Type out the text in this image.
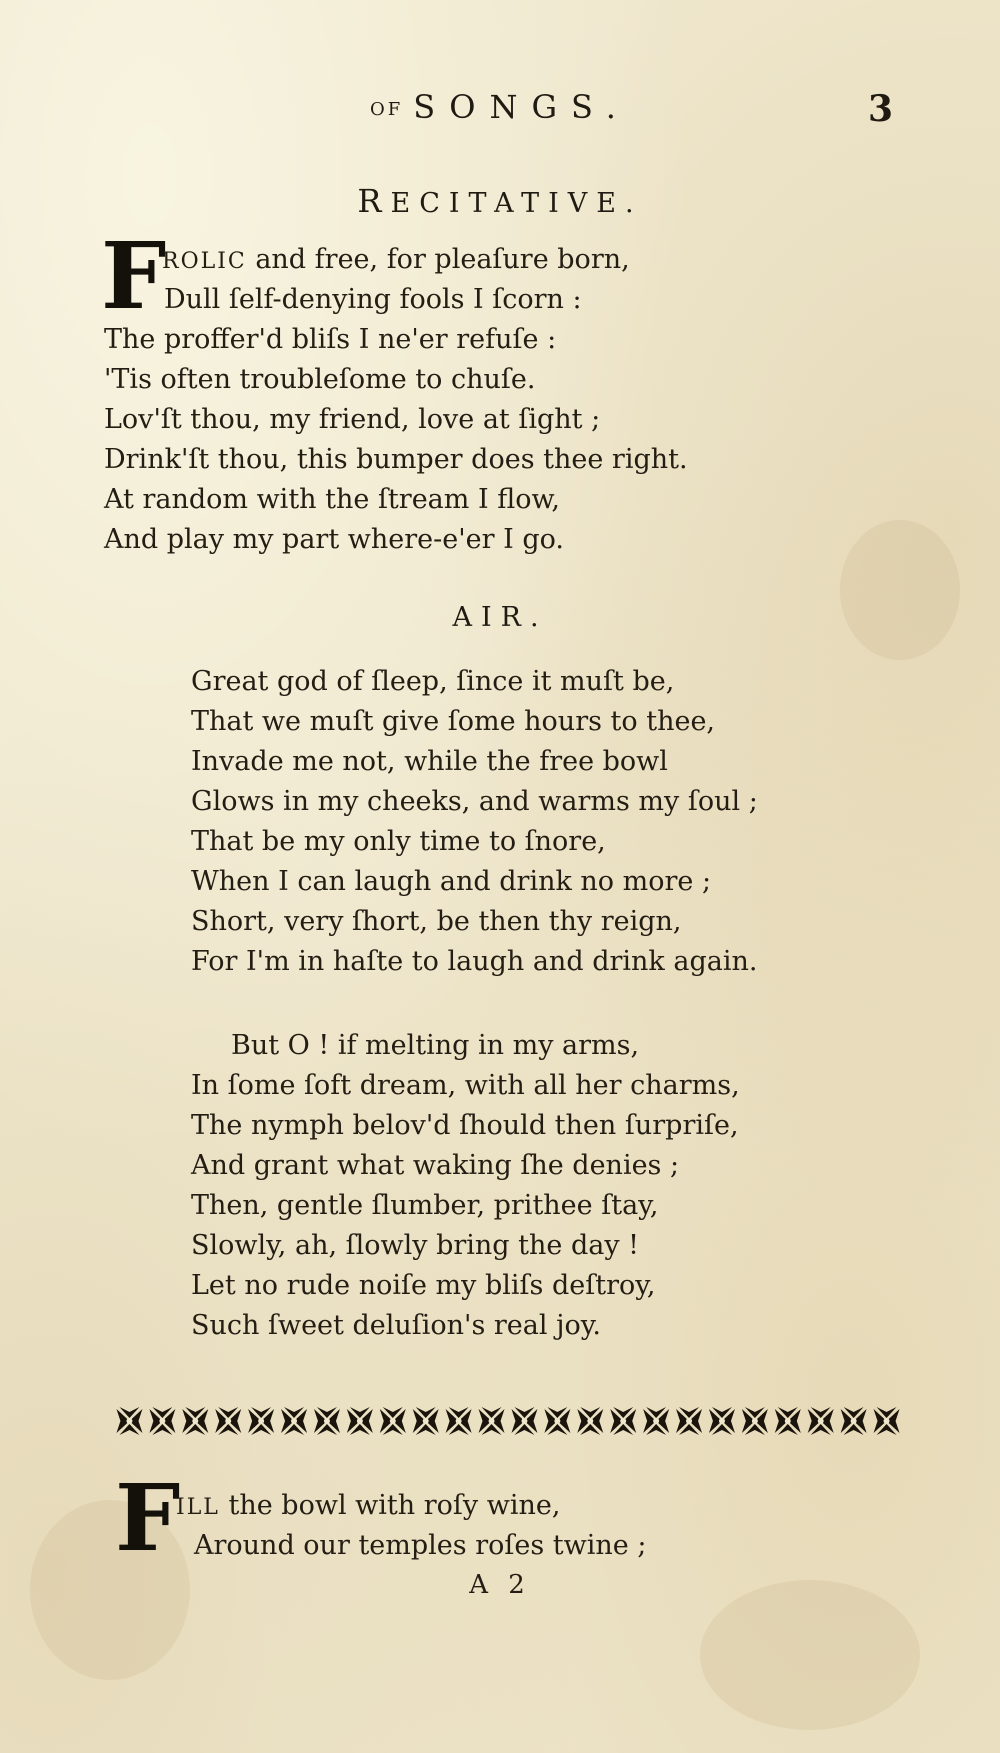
OF SONGS.	3
RECITATIVE.
F
ROLIC and free, for pleaſure born,
Dull ſelf-denying fools I ſcorn :
The proffer'd bliſs I ne'er refuſe :
'Tis often troubleſome to chuſe.
Lov'ſt thou, my friend, love at ſight ;
Drink'ſt thou, this bumper does thee right.
At random with the ſtream I flow,
And play my part where-e'er I go.
AIR.
Great god of ſleep, ſince it muſt be,
That we muſt give ſome hours to thee,
Invade me not, while the free bowl
Glows in my cheeks, and warms my ſoul ;
That be my only time to ſnore,
When I can laugh and drink no more ;
Short, very ſhort, be then thy reign,
For I'm in haſte to laugh and drink again.
But O ! if melting in my arms,
In ſome ſoft dream, with all her charms,
The nymph belov'd ſhould then ſurpriſe,
And grant what waking ſhe denies ;
Then, gentle ſlumber, prithee ſtay,
Slowly, ah, ſlowly bring the day !
Let no rude noiſe my bliſs deſtroy,
Such ſweet deluſion's real joy.
F
ILL the bowl with roſy wine,
Around our temples roſes twine ;
A 2
